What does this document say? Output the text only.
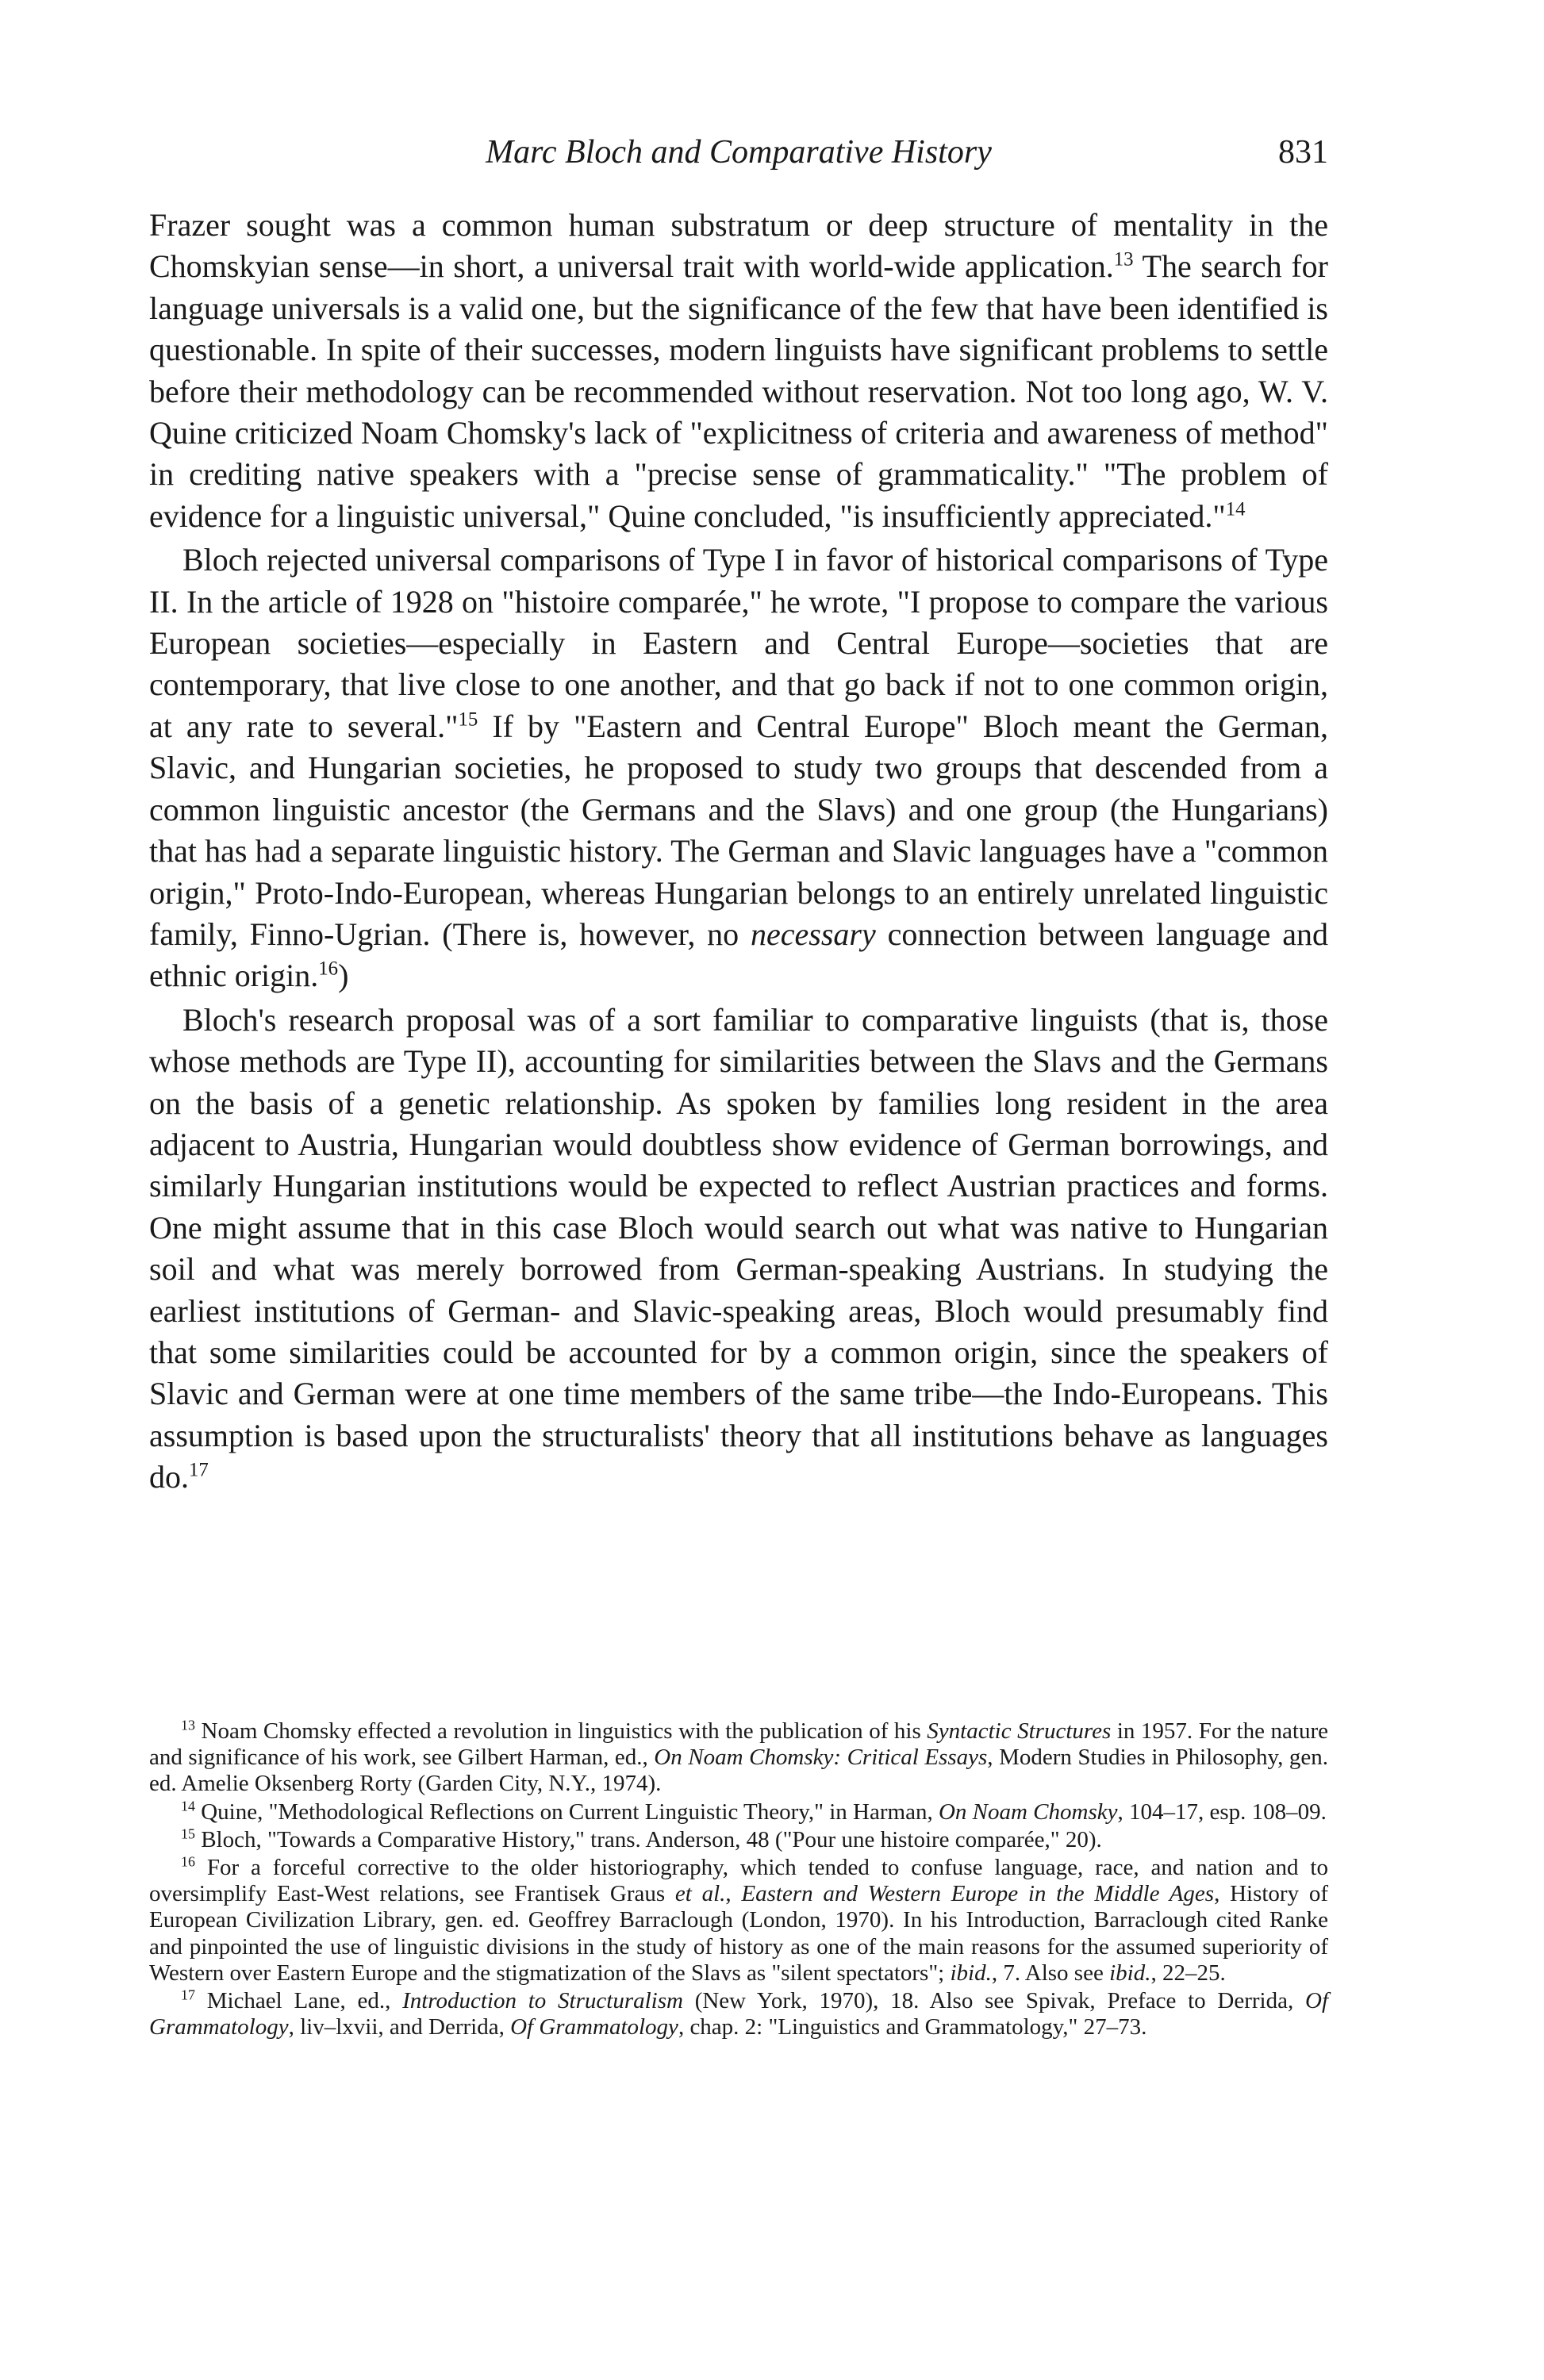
Marc Bloch and Comparative History	831

Frazer sought was a common human substratum or deep structure of mentality in the Chomskyian sense—in short, a universal trait with world-wide application.$^{13}$ The search for language universals is a valid one, but the significance of the few that have been identified is questionable. In spite of their successes, modern linguists have significant problems to settle before their methodology can be recommended without reservation. Not too long ago, W. V. Quine criticized Noam Chomsky's lack of "explicitness of criteria and awareness of method" in crediting native speakers with a "precise sense of grammaticality." "The problem of evidence for a linguistic universal," Quine concluded, "is insufficiently appreciated."$^{14}$

Bloch rejected universal comparisons of Type I in favor of historical comparisons of Type II. In the article of 1928 on "histoire comparée," he wrote, "I propose to compare the various European societies—especially in Eastern and Central Europe—societies that are contemporary, that live close to one another, and that go back if not to one common origin, at any rate to several."$^{15}$ If by "Eastern and Central Europe" Bloch meant the German, Slavic, and Hungarian societies, he proposed to study two groups that descended from a common linguistic ancestor (the Germans and the Slavs) and one group (the Hungarians) that has had a separate linguistic history. The German and Slavic languages have a "common origin," Proto-Indo-European, whereas Hungarian belongs to an entirely unrelated linguistic family, Finno-Ugrian. (There is, however, no necessary connection between language and ethnic origin.$^{16}$)

Bloch's research proposal was of a sort familiar to comparative linguists (that is, those whose methods are Type II), accounting for similarities between the Slavs and the Germans on the basis of a genetic relationship. As spoken by families long resident in the area adjacent to Austria, Hungarian would doubtless show evidence of German borrowings, and similarly Hungarian institutions would be expected to reflect Austrian practices and forms. One might assume that in this case Bloch would search out what was native to Hungarian soil and what was merely borrowed from German-speaking Austrians. In studying the earliest institutions of German- and Slavic-speaking areas, Bloch would presumably find that some similarities could be accounted for by a common origin, since the speakers of Slavic and German were at one time members of the same tribe—the Indo-Europeans. This assumption is based upon the structuralists' theory that all institutions behave as languages do.$^{17}$

$^{13}$ Noam Chomsky effected a revolution in linguistics with the publication of his Syntactic Structures in 1957. For the nature and significance of his work, see Gilbert Harman, ed., On Noam Chomsky: Critical Essays, Modern Studies in Philosophy, gen. ed. Amelie Oksenberg Rorty (Garden City, N.Y., 1974).

$^{14}$ Quine, "Methodological Reflections on Current Linguistic Theory," in Harman, On Noam Chomsky, 104–17, esp. 108–09.

$^{15}$ Bloch, "Towards a Comparative History," trans. Anderson, 48 ("Pour une histoire comparée," 20).

$^{16}$ For a forceful corrective to the older historiography, which tended to confuse language, race, and nation and to oversimplify East-West relations, see Frantisek Graus et al., Eastern and Western Europe in the Middle Ages, History of European Civilization Library, gen. ed. Geoffrey Barraclough (London, 1970). In his Introduction, Barraclough cited Ranke and pinpointed the use of linguistic divisions in the study of history as one of the main reasons for the assumed superiority of Western over Eastern Europe and the stigmatization of the Slavs as "silent spectators"; ibid., 7. Also see ibid., 22–25.

$^{17}$ Michael Lane, ed., Introduction to Structuralism (New York, 1970), 18. Also see Spivak, Preface to Derrida, Of Grammatology, liv–lxvii, and Derrida, Of Grammatology, chap. 2: "Linguistics and Grammatology," 27–73.
